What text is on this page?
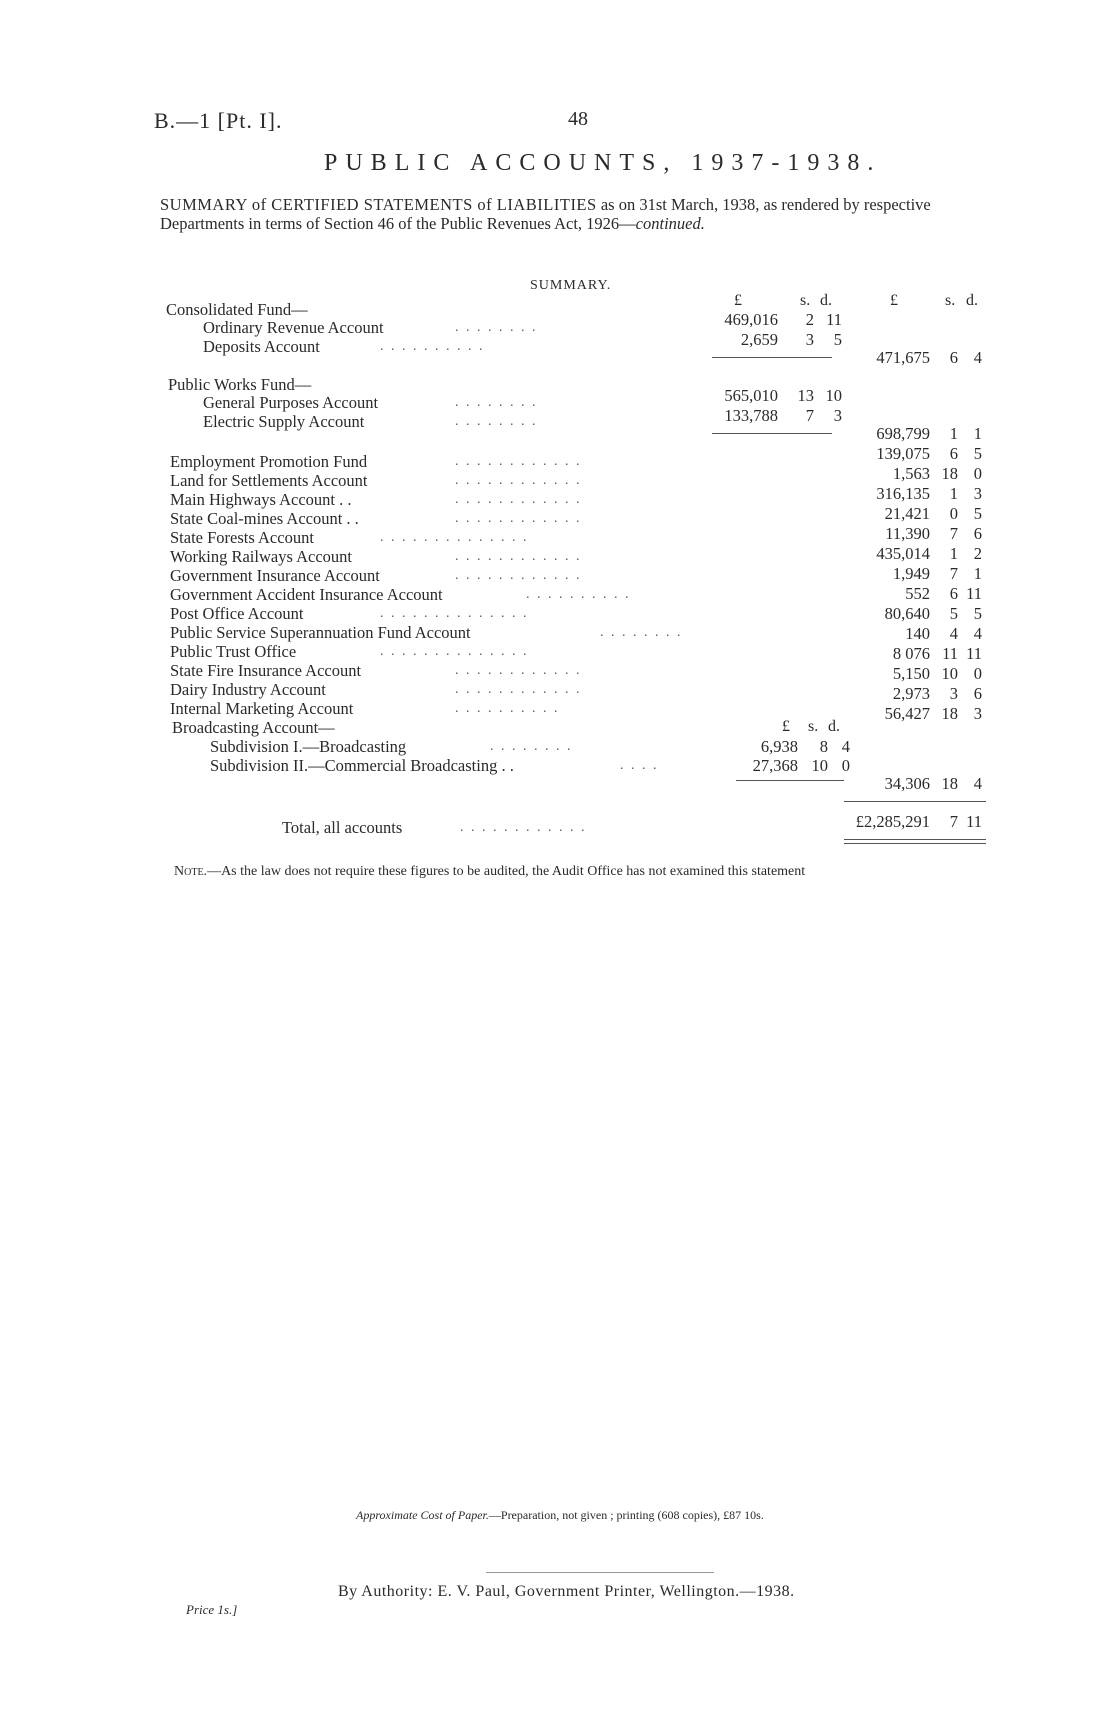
B.—1 [Pt. I].	48
PUBLIC ACCOUNTS, 1937-1938.
SUMMARY of CERTIFIED STATEMENTS of LIABILITIES as on 31st March, 1938, as rendered by respective Departments in terms of Section 46 of the Public Revenues Act, 1926—continued.
SUMMARY.
£	s. d.	£	s. d.
Consolidated Fund—
Ordinary Revenue Account	. . . . . . . .	469,016	2 11
Deposits Account	. . . . . . . . . .	2,659	3	5
471,675	6 4
Public Works Fund—
General Purposes Account	. . . . . . . .	565,010	13 10
Electric Supply Account	. . . . . . . .	133,788	7	3
698,799	1 1
Employment Promotion Fund	. . . . . . . . . . . .	139,075	6 5
Land for Settlements Account	. . . . . . . . . . . .	1,563 18 0
Main Highways Account . .	. . . . . . . . . . . .	316,135	1 3
State Coal-mines Account . .	. . . . . . . . . . . .	21,421	0 5
State Forests Account	. . . . . . . . . . . . . .	11,390	7 6
Working Railways Account	. . . . . . . . . . . .	435,014	1 2
Government Insurance Account	. . . . . . . . . . . .	1,949	7 1
Government Accident Insurance Account	. . . . . . . . . .	552	6 11
Post Office Account	. . . . . . . . . . . . . .	80,640	5 5
Public Service Superannuation Fund Account	. . . . . . . .	140	4 4
Public Trust Office	. . . . . . . . . . . . . .	8 076 11 11
State Fire Insurance Account	. . . . . . . . . . . .	5,150 10 0
Dairy Industry Account	. . . . . . . . . . . .	2,973	3 6
Internal Marketing Account	. . . . . . . . . .	56,427 18 3
Broadcasting Account—	£ s. d.
Subdivision I.—Broadcasting	. . . . . . . .	6,938	8 4
Subdivision II.—Commercial Broadcasting . .	. . . .	27,368 10 0
34,306 18 4
Total, all accounts	. . . . . . . . . . . .	£2,285,291	7 11
Note.—As the law does not require these figures to be audited, the Audit Office has not examined this statement
Approximate Cost of Paper.—Preparation, not given ; printing (608 copies), £87 10s.
By Authority: E. V. Paul, Government Printer, Wellington.—1938.
Price 1s.]
